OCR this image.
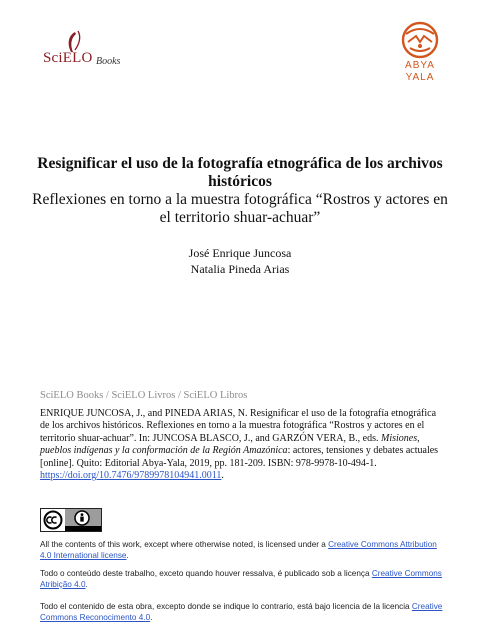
SciELO Books	ABYA
YALA
Resignificar el uso de la fotografía etnográfica de los archivos históricos
Reflexiones en torno a la muestra fotográfica “Rostros y actores en el territorio shuar-achuar”
José Enrique Juncosa
Natalia Pineda Arias
SciELO Books / SciELO Livros / SciELO Libros
ENRIQUE JUNCOSA, J., and PINEDA ARIAS, N. Resignificar el uso de la fotografía etnográfica de los archivos históricos. Reflexiones en torno a la muestra fotográfica “Rostros y actores en el territorio shuar-achuar”. In: JUNCOSA BLASCO, J., and GARZÓN VERA, B., eds. Misiones, pueblos indígenas y la conformación de la Región Amazónica: actores, tensiones y debates actuales [online]. Quito: Editorial Abya-Yala, 2019, pp. 181-209. ISBN: 978-9978-10-494-1. https://doi.org/10.7476/9789978104941.0011.
All the contents of this work, except where otherwise noted, is licensed under a Creative Commons Attribution 4.0 International license.
Todo o conteúdo deste trabalho, exceto quando houver ressalva, é publicado sob a licença Creative Commons Atribição 4.0.
Todo el contenido de esta obra, excepto donde se indique lo contrario, está bajo licencia de la licencia Creative Commons Reconocimento 4.0.
